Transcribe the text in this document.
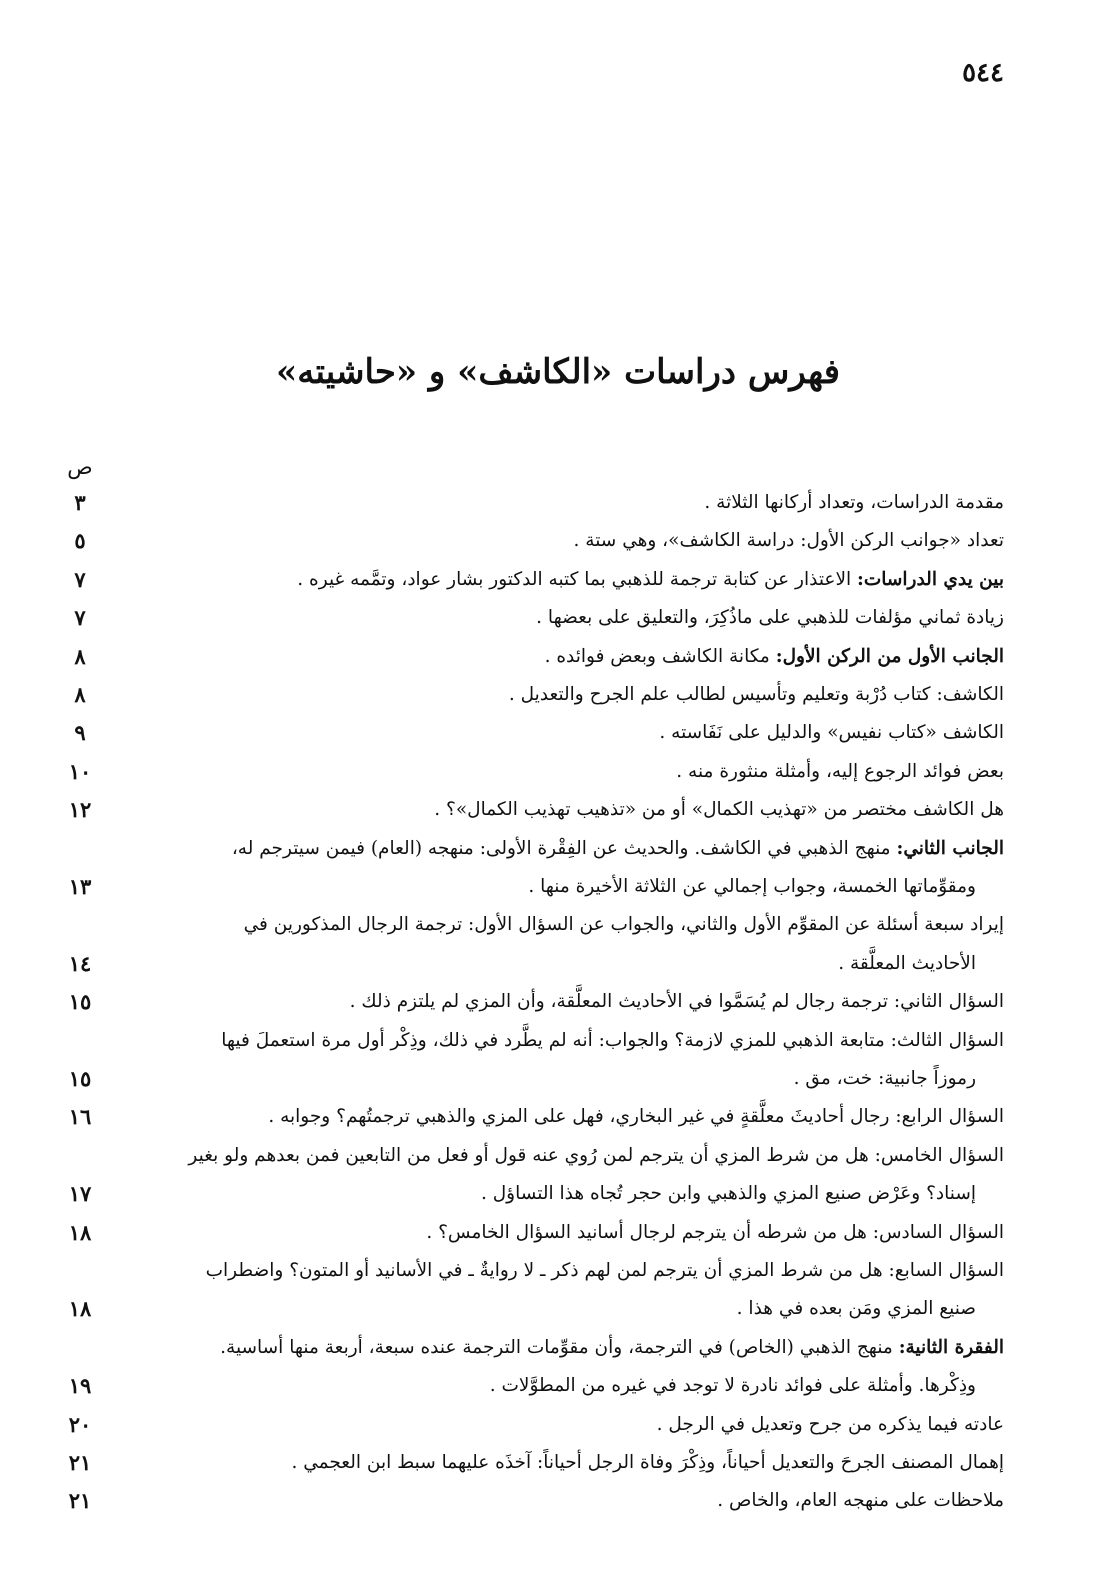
٥٤٤
فهرس دراسات «الكاشف» و «حاشيته»
ص
مقدمة الدراسات، وتعداد أركانها الثلاثة .
٣
تعداد «جوانب الركن الأول: دراسة الكاشف»، وهي ستة .
٥
بين يدي الدراسات: الاعتذار عن كتابة ترجمة للذهبي بما كتبه الدكتور بشار عواد، وتمَّمه غيره .
٧
زيادة ثماني مؤلفات للذهبي على ماذُكِرَ، والتعليق على بعضها .
٧
الجانب الأول من الركن الأول: مكانة الكاشف وبعض فوائده .
٨
الكاشف: كتاب دُرْبة وتعليم وتأسيس لطالب علم الجرح والتعديل .
٨
الكاشف «كتاب نفيس» والدليل على نَفَاسته .
٩
بعض فوائد الرجوع إليه، وأمثلة منثورة منه .
١٠
هل الكاشف مختصر من «تهذيب الكمال» أو من «تذهيب تهذيب الكمال»؟ .
١٢
الجانب الثاني: منهج الذهبي في الكاشف. والحديث عن الفِقْرة الأولى: منهجه (العام) فيمن سيترجم له،
ومقوِّماتها الخمسة، وجواب إجمالي عن الثلاثة الأخيرة منها .
١٣
إيراد سبعة أسئلة عن المقوِّم الأول والثاني، والجواب عن السؤال الأول: ترجمة الرجال المذكورين في
الأحاديث المعلَّقة .
١٤
السؤال الثاني: ترجمة رجال لم يُسَمَّوا في الأحاديث المعلَّقة، وأن المزي لم يلتزم ذلك .
١٥
السؤال الثالث: متابعة الذهبي للمزي لازمة؟ والجواب: أنه لم يطَّرد في ذلك، وذِكْر أول مرة استعملَ فيها
رموزاً جانبية: خت، مق .
١٥
السؤال الرابع: رجال أحاديثَ معلَّقةٍ في غير البخاري، فهل على المزي والذهبي ترجمتُهم؟ وجوابه .
١٦
السؤال الخامس: هل من شرط المزي أن يترجم لمن رُوي عنه قول أو فعل من التابعين فمن بعدهم ولو بغير
إسناد؟ وعَرْض صنيع المزي والذهبي وابن حجر تُجاه هذا التساؤل .
١٧
السؤال السادس: هل من شرطه أن يترجم لرجال أسانيد السؤال الخامس؟ .
١٨
السؤال السابع: هل من شرط المزي أن يترجم لمن لهم ذكر ـ لا روايةٌ ـ في الأسانيد أو المتون؟ واضطراب
صنيع المزي ومَن بعده في هذا .
١٨
الفقرة الثانية: منهج الذهبي (الخاص) في الترجمة، وأن مقوِّمات الترجمة عنده سبعة، أربعة منها أساسية.
وذِكْرها. وأمثلة على فوائد نادرة لا توجد في غيره من المطوَّلات .
١٩
عادته فيما يذكره من جرح وتعديل في الرجل .
٢٠
إهمال المصنف الجرحَ والتعديل أحياناً، وذِكْرَ وفاة الرجل أحياناً: آخذَه عليهما سبط ابن العجمي .
٢١
ملاحظات على منهجه العام، والخاص .
٢١
